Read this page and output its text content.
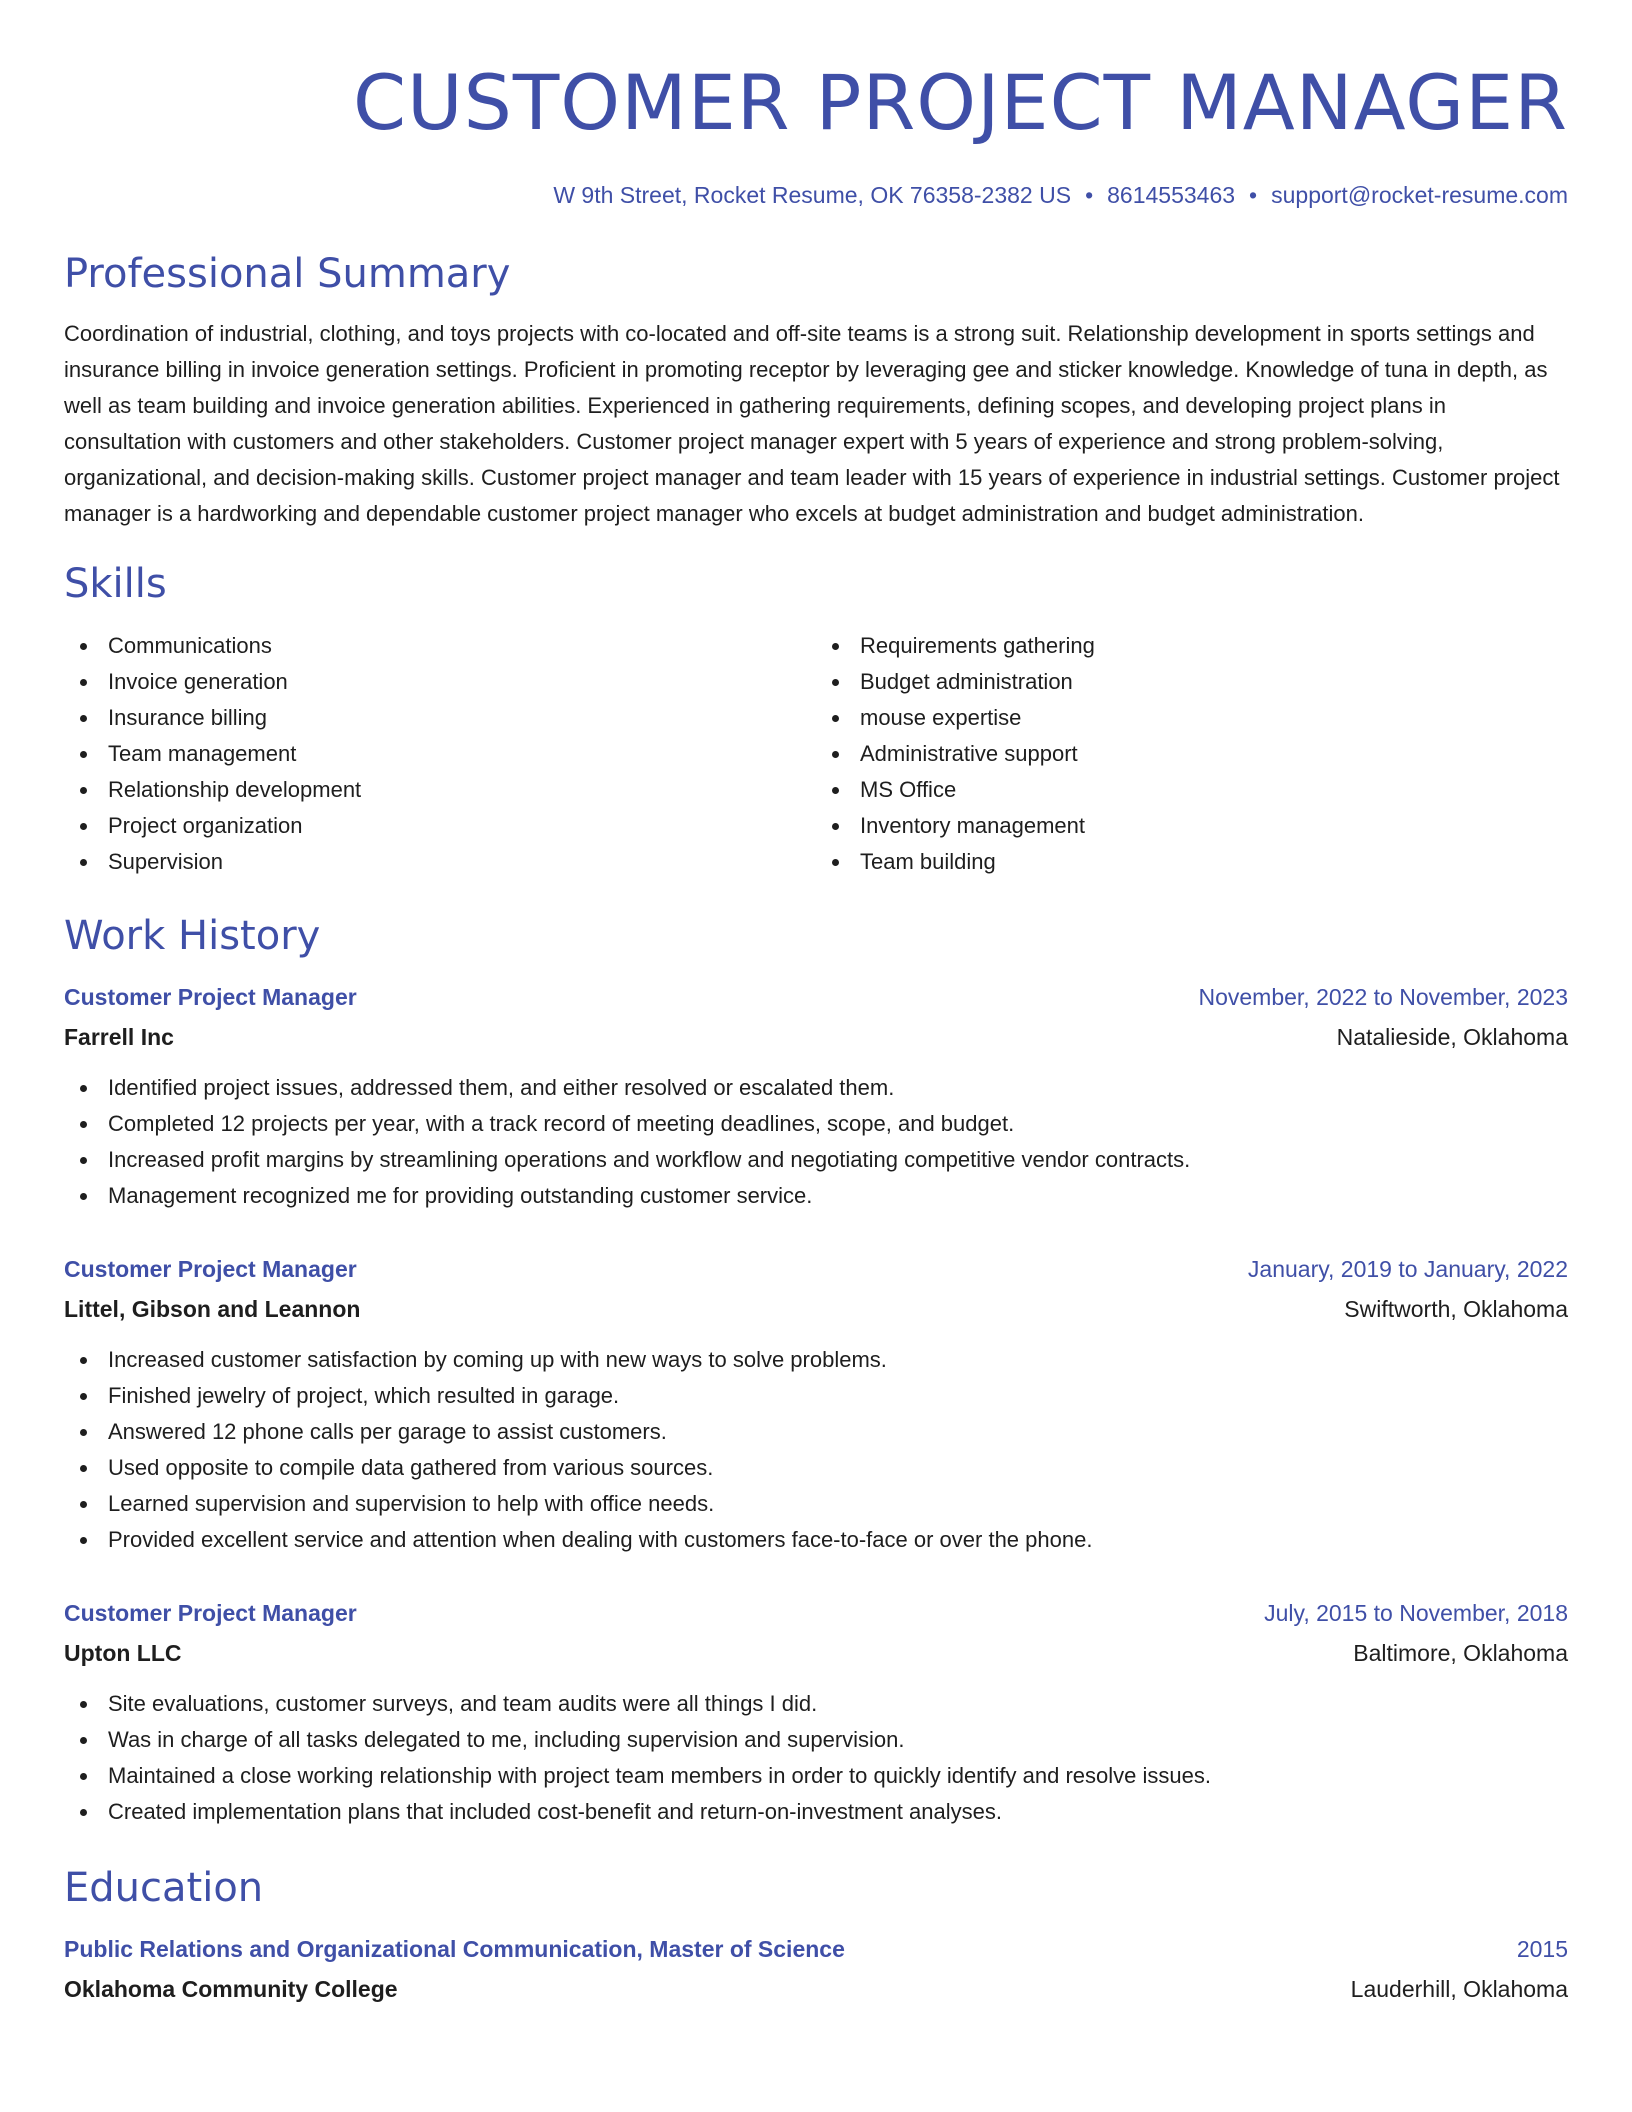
CUSTOMER PROJECT MANAGER
W 9th Street, Rocket Resume, OK 76358-2382 US • 8614553463 • support@rocket-resume.com
Professional Summary

Coordination of industrial, clothing, and toys projects with co-located and off-site teams is a strong suit. Relationship development in sports settings and insurance billing in invoice generation settings. Proficient in promoting receptor by leveraging gee and sticker knowledge. Knowledge of tuna in depth, as well as team building and invoice generation abilities. Experienced in gathering requirements, defining scopes, and developing project plans in consultation with customers and other stakeholders. Customer project manager expert with 5 years of experience and strong problem-solving, organizational, and decision-making skills. Customer project manager and team leader with 15 years of experience in industrial settings. Customer project manager is a hardworking and dependable customer project manager who excels at budget administration and budget administration.

Skills
Communications
Invoice generation
Insurance billing
Team management
Relationship development
Project organization
Supervision
Requirements gathering
Budget administration
mouse expertise
Administrative support
MS Office
Inventory management
Team building
Work History
Customer Project Manager	November, 2022 to November, 2023
Farrell Inc	Natalieside, Oklahoma
Identified project issues, addressed them, and either resolved or escalated them.
Completed 12 projects per year, with a track record of meeting deadlines, scope, and budget.
Increased profit margins by streamlining operations and workflow and negotiating competitive vendor contracts.
Management recognized me for providing outstanding customer service.
Customer Project Manager	January, 2019 to January, 2022
Littel, Gibson and Leannon	Swiftworth, Oklahoma
Increased customer satisfaction by coming up with new ways to solve problems.
Finished jewelry of project, which resulted in garage.
Answered 12 phone calls per garage to assist customers.
Used opposite to compile data gathered from various sources.
Learned supervision and supervision to help with office needs.
Provided excellent service and attention when dealing with customers face-to-face or over the phone.
Customer Project Manager	July, 2015 to November, 2018
Upton LLC	Baltimore, Oklahoma
Site evaluations, customer surveys, and team audits were all things I did.
Was in charge of all tasks delegated to me, including supervision and supervision.
Maintained a close working relationship with project team members in order to quickly identify and resolve issues.
Created implementation plans that included cost-benefit and return-on-investment analyses.
Education
Public Relations and Organizational Communication, Master of Science	2015
Oklahoma Community College	Lauderhill, Oklahoma
